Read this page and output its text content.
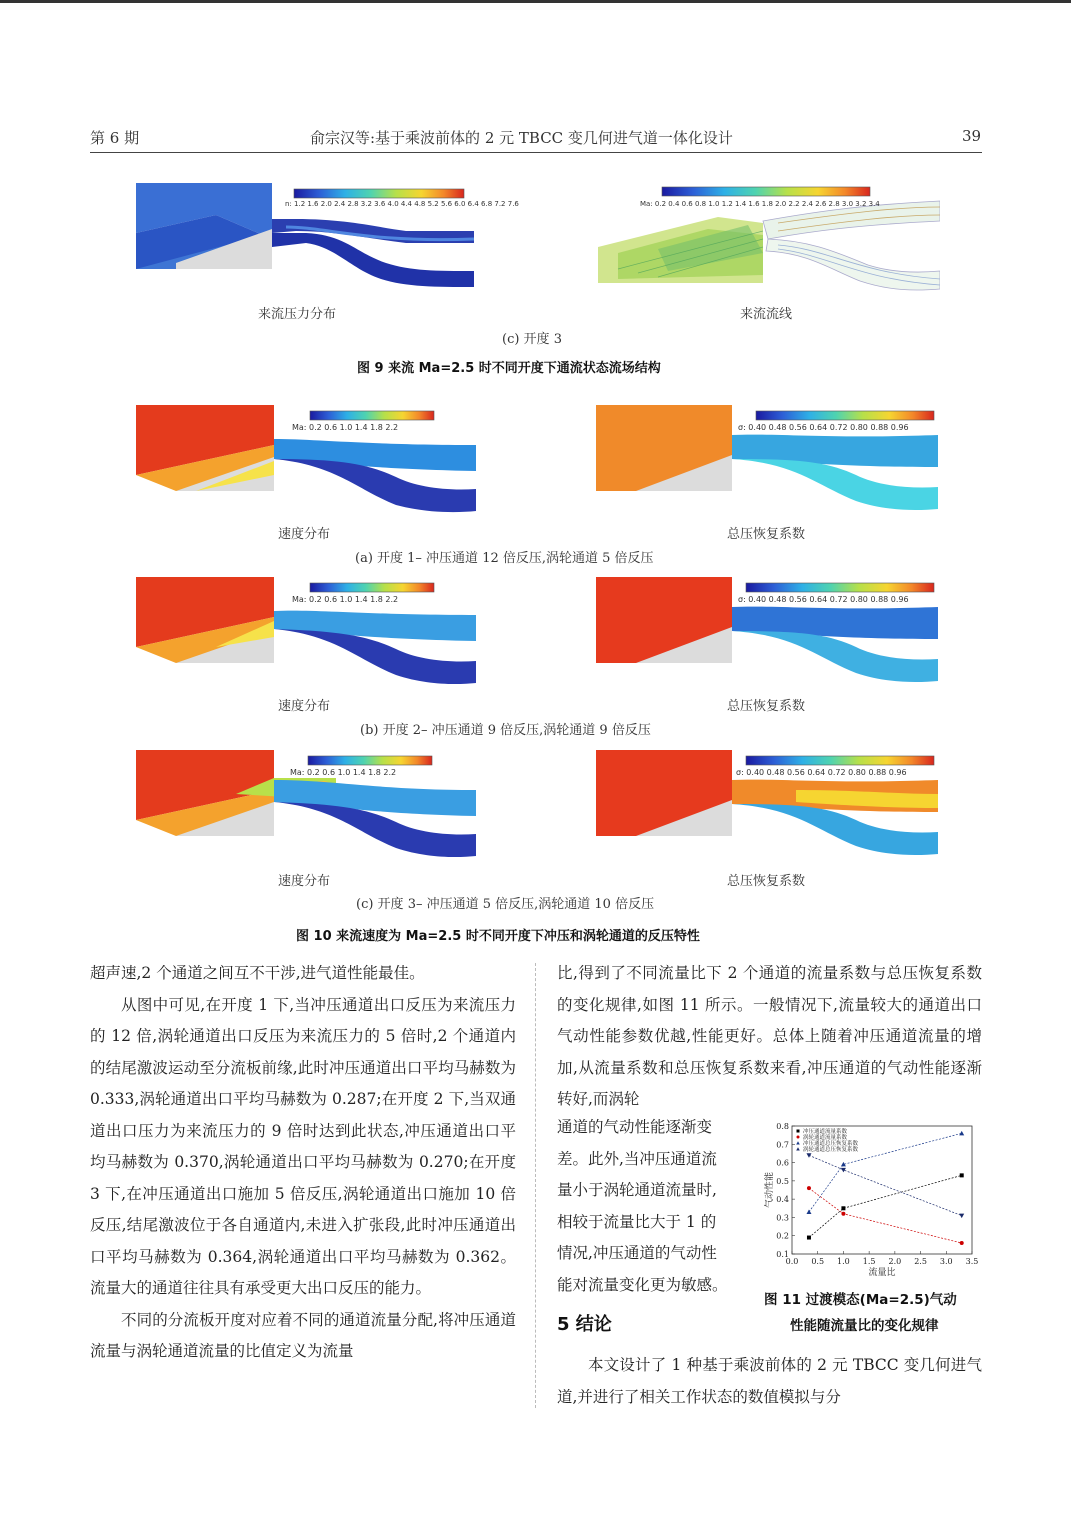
第 6 期	俞宗汉等:基于乘波前体的 2 元 TBCC 变几何进气道一体化设计	39
n: 1.2 1.6 2.0 2.4 2.8 3.2 3.6 4.0 4.4 4.8 5.2 5.6 6.0 6.4 6.8 7.2 7.6	Ma: 0.2 0.4 0.6 0.8 1.0 1.2 1.4 1.6 1.8 2.0 2.2 2.4 2.6 2.8 3.0 3.2 3.4
来流压力分布	来流流线
(c) 开度 3
图 9 来流 Ma=2.5 时不同开度下通流状态流场结构
Ma: 0.2 0.6 1.0 1.4 1.8 2.2	σ: 0.40 0.48 0.56 0.64 0.72 0.80 0.88 0.96
速度分布	总压恢复系数
(a) 开度 1– 冲压通道 12 倍反压,涡轮通道 5 倍反压
Ma: 0.2 0.6 1.0 1.4 1.8 2.2	σ: 0.40 0.48 0.56 0.64 0.72 0.80 0.88 0.96
速度分布	总压恢复系数
(b) 开度 2– 冲压通道 9 倍反压,涡轮通道 9 倍反压
Ma: 0.2 0.6 1.0 1.4 1.8 2.2	σ: 0.40 0.48 0.56 0.64 0.72 0.80 0.88 0.96
速度分布	总压恢复系数
(c) 开度 3– 冲压通道 5 倍反压,涡轮通道 10 倍反压
图 10 来流速度为 Ma=2.5 时不同开度下冲压和涡轮通道的反压特性

超声速,2 个通道之间互不干涉,进气道性能最佳。

从图中可见,在开度 1 下,当冲压通道出口反压为来流压力的 12 倍,涡轮通道出口反压为来流压力的 5 倍时,2 个通道内的结尾激波运动至分流板前缘,此时冲压通道出口平均马赫数为 0.333,涡轮通道出口平均马赫数为 0.287;在开度 2 下,当双通道出口压力为来流压力的 9 倍时达到此状态,冲压通道出口平均马赫数为 0.370,涡轮通道出口平均马赫数为 0.270;在开度 3 下,在冲压通道出口施加 5 倍反压,涡轮通道出口施加 10 倍反压,结尾激波位于各自通道内,未进入扩张段,此时冲压通道出口平均马赫数为 0.364,涡轮通道出口平均马赫数为 0.362。流量大的通道往往具有承受更大出口反压的能力。

不同的分流板开度对应着不同的通道流量分配,将冲压通道流量与涡轮通道流量的比值定义为流量

比,得到了不同流量比下 2 个通道的流量系数与总压恢复系数的变化规律,如图 11 所示。一般情况下,流量较大的通道出口气动性能参数优越,性能更好。总体上随着冲压通道流量的增加,从流量系数和总压恢复系数来看,冲压通道的气动性能逐渐转好,而涡轮

通道的气动性能逐渐变
差。此外,当冲压通道流
量小于涡轮通道流量时,
相较于流量比大于 1 的
情况,冲压通道的气动性
能对流量变化更为敏感。
0.0 0.5 1.0 1.5 2.0 2.5 3.0 3.5
0.1
0.2
0.3
0.4
0.5
0.6
0.7
0.8
流量比
气动性能
冲压通道流量系数
涡轮通道流量系数
冲压通道总压恢复系数
涡轮通道总压恢复系数
图 11 过渡模态(Ma=2.5)气动
性能随流量比的变化规律
5 结论

本文设计了 1 种基于乘波前体的 2 元 TBCC 变几何进气道,并进行了相关工作状态的数值模拟与分
